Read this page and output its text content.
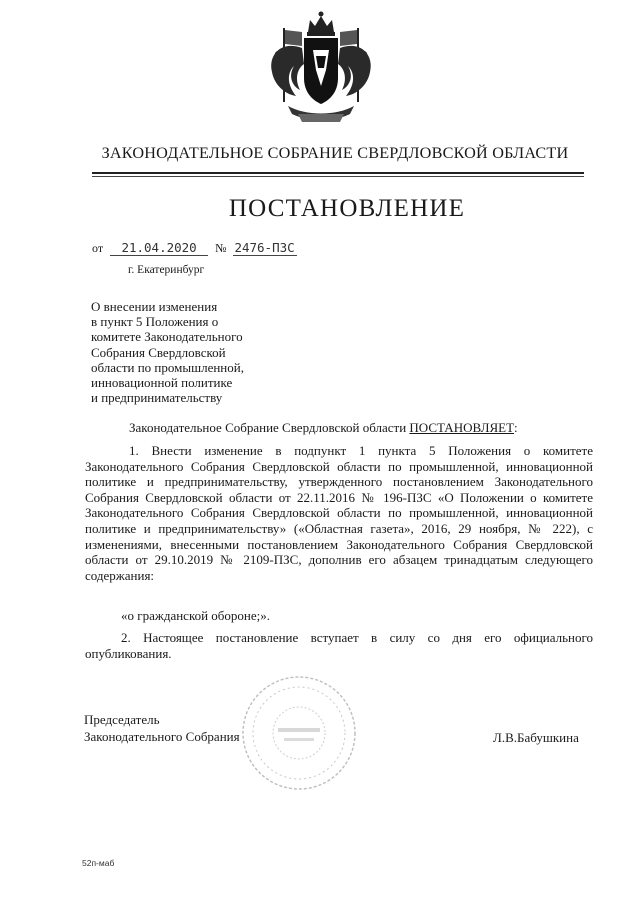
ЗАКОНОДАТЕЛЬНОЕ СОБРАНИЕ СВЕРДЛОВСКОЙ ОБЛАСТИ
ПОСТАНОВЛЕНИЕ
от 21.04.2020 № 2476-ПЗС
г. Екатеринбург
О внесении изменения
в пункт 5 Положения о
комитете Законодательного
Собрания Свердловской
области по промышленной,
инновационной политике
и предпринимательству
Законодательное Собрание Свердловской области ПОСТАНОВЛЯЕТ:
1. Внести изменение в подпункт 1 пункта 5 Положения о комитете Законодательного Собрания Свердловской области по промышленной, инновационной политике и предпринимательству, утвержденного постановлением Законодательного Собрания Свердловской области от 22.11.2016 № 196-ПЗС «О Положении о комитете Законодательного Собрания Свердловской области по промышленной, инновационной политике и предпринимательству» («Областная газета», 2016, 29 ноября, № 222), с изменениями, внесенными постановлением Законодательного Собрания Свердловской области от 29.10.2019 № 2109-ПЗС, дополнив его абзацем тринадцатым следующего содержания:
«о гражданской обороне;».
2. Настоящее постановление вступает в силу со дня его официального опубликования.
Председатель
Законодательного Собрания	Л.В.Бабушкина
52п-маб
